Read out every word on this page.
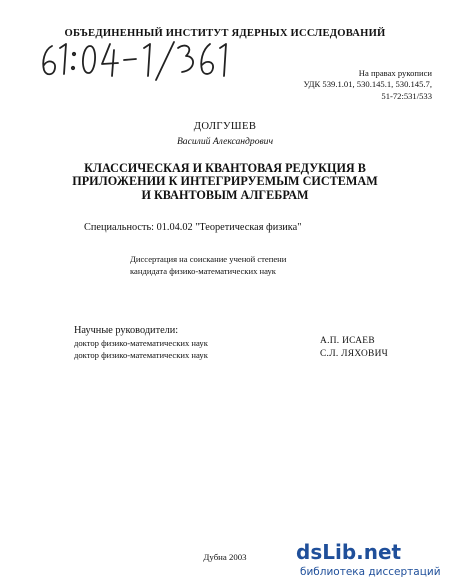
ОБЪЕДИНЕННЫЙ ИНСТИТУТ ЯДЕРНЫХ ИССЛЕДОВАНИЙ
На правах рукописи
УДК 539.1.01, 530.145.1, 530.145.7,
51-72:531/533
ДОЛГУШЕВ
Василий Александрович
КЛАССИЧЕСКАЯ И КВАНТОВАЯ РЕДУКЦИЯ В
ПРИЛОЖЕНИИ К ИНТЕГРИРУЕМЫМ СИСТЕМАМ
И КВАНТОВЫМ АЛГЕБРАМ
Специальность: 01.04.02 "Теоретическая физика"
Диссертация на соискание ученой степени
кандидата физико-математических наук
Научные руководители:
доктор физико-математических наук
доктор физико-математических наук
А.П. ИСАЕВ
С.Л. ЛЯХОВИЧ
Дубна 2003	dsLib.net
библиотека диссертаций
